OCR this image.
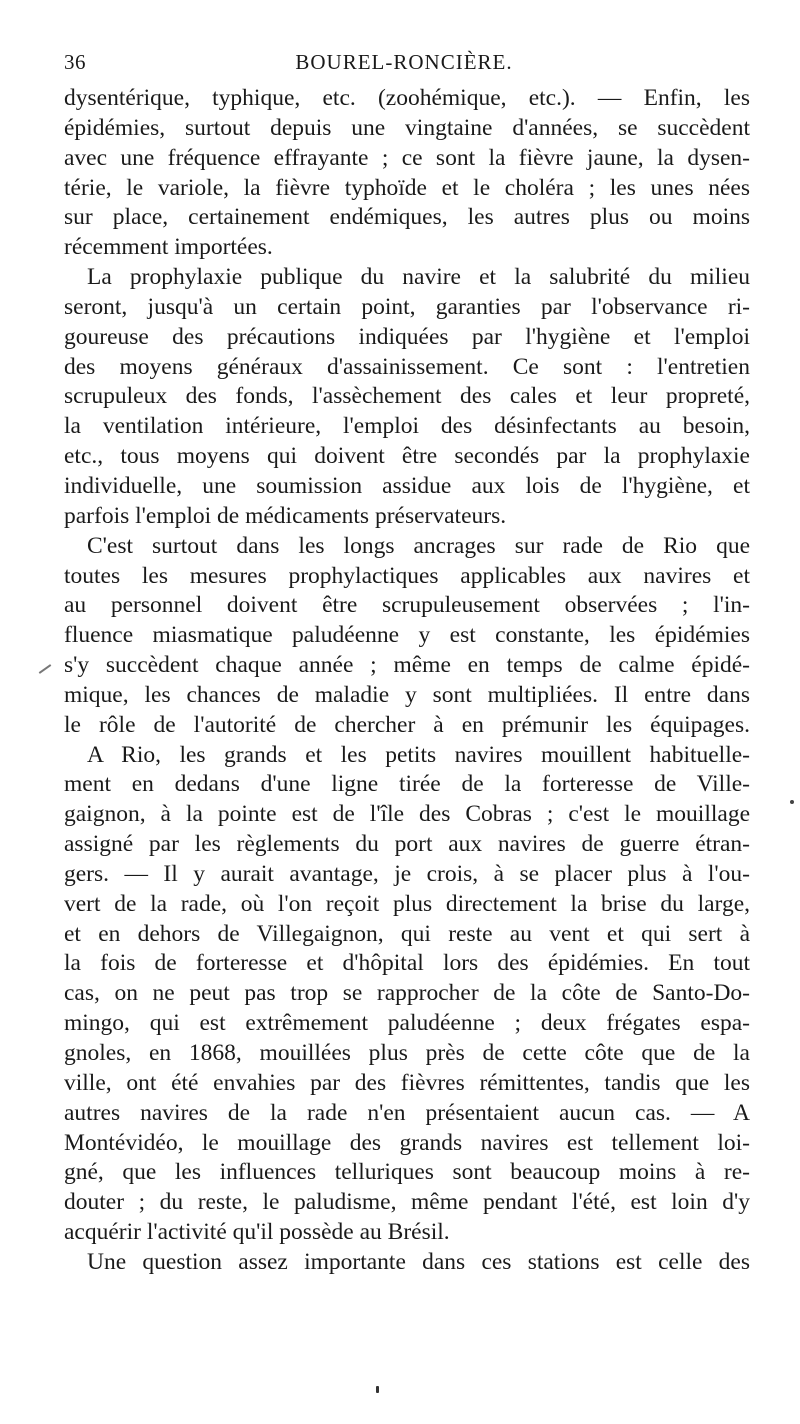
36	BOUREL-RONCIÈRE.
dysentérique, typhique, etc. (zoohémique, etc.). — Enfin, les
épidémies, surtout depuis une vingtaine d'années, se succèdent
avec une fréquence effrayante ; ce sont la fièvre jaune, la dysen-
térie, le variole, la fièvre typhoïde et le choléra ; les unes nées
sur place, certainement endémiques, les autres plus ou moins
récemment importées.
La prophylaxie publique du navire et la salubrité du milieu
seront, jusqu'à un certain point, garanties par l'observance ri-
goureuse des précautions indiquées par l'hygiène et l'emploi
des moyens généraux d'assainissement. Ce sont : l'entretien
scrupuleux des fonds, l'assèchement des cales et leur propreté,
la ventilation intérieure, l'emploi des désinfectants au besoin,
etc., tous moyens qui doivent être secondés par la prophylaxie
individuelle, une soumission assidue aux lois de l'hygiène, et
parfois l'emploi de médicaments préservateurs.
C'est surtout dans les longs ancrages sur rade de Rio que
toutes les mesures prophylactiques applicables aux navires et
au personnel doivent être scrupuleusement observées ; l'in-
fluence miasmatique paludéenne y est constante, les épidémies
s'y succèdent chaque année ; même en temps de calme épidé-
mique, les chances de maladie y sont multipliées. Il entre dans
le rôle de l'autorité de chercher à en prémunir les équipages.
A Rio, les grands et les petits navires mouillent habituelle-
ment en dedans d'une ligne tirée de la forteresse de Ville-
gaignon, à la pointe est de l'île des Cobras ; c'est le mouillage
assigné par les règlements du port aux navires de guerre étran-
gers. — Il y aurait avantage, je crois, à se placer plus à l'ou-
vert de la rade, où l'on reçoit plus directement la brise du large,
et en dehors de Villegaignon, qui reste au vent et qui sert à
la fois de forteresse et d'hôpital lors des épidémies. En tout
cas, on ne peut pas trop se rapprocher de la côte de Santo-Do-
mingo, qui est extrêmement paludéenne ; deux frégates espa-
gnoles, en 1868, mouillées plus près de cette côte que de la
ville, ont été envahies par des fièvres rémittentes, tandis que les
autres navires de la rade n'en présentaient aucun cas. — A
Montévidéo, le mouillage des grands navires est tellement loi-
gné, que les influences telluriques sont beaucoup moins à re-
douter ; du reste, le paludisme, même pendant l'été, est loin d'y
acquérir l'activité qu'il possède au Brésil.
Une question assez importante dans ces stations est celle des
